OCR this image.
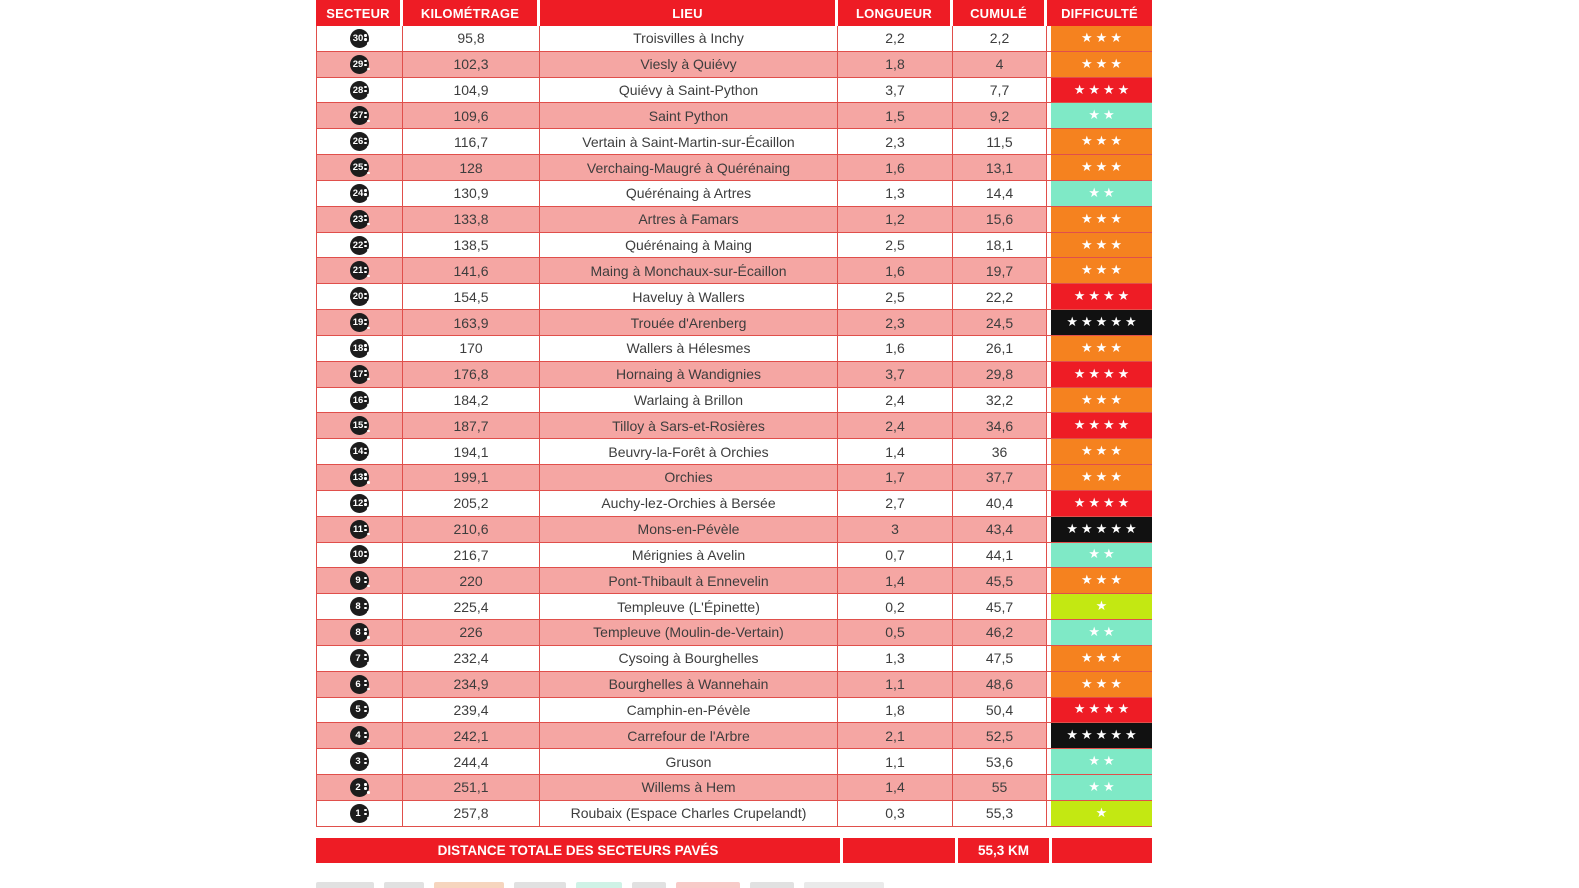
SECTEUR	KILOMÉTRAGE	LIEU	LONGUEUR	CUMULÉ	DIFFICULTÉ
30	95,8	Troisvilles à Inchy	2,2	2,2	★★★
29	102,3	Viesly à Quiévy	1,8	4	★★★
28	104,9	Quiévy à Saint-Python	3,7	7,7	★★★★
27	109,6	Saint Python	1,5	9,2	★★
26	116,7	Vertain à Saint-Martin-sur-Écaillon	2,3	11,5	★★★
25	128	Verchaing-Maugré à Quérénaing	1,6	13,1	★★★
24	130,9	Quérénaing à Artres	1,3	14,4	★★
23	133,8	Artres à Famars	1,2	15,6	★★★
22	138,5	Quérénaing à Maing	2,5	18,1	★★★
21	141,6	Maing à Monchaux-sur-Écaillon	1,6	19,7	★★★
20	154,5	Haveluy à Wallers	2,5	22,2	★★★★
19	163,9	Trouée d'Arenberg	2,3	24,5	★★★★★
18	170	Wallers à Hélesmes	1,6	26,1	★★★
17	176,8	Hornaing à Wandignies	3,7	29,8	★★★★
16	184,2	Warlaing à Brillon	2,4	32,2	★★★
15	187,7	Tilloy à Sars-et-Rosières	2,4	34,6	★★★★
14	194,1	Beuvry-la-Forêt à Orchies	1,4	36	★★★
13	199,1	Orchies	1,7	37,7	★★★
12	205,2	Auchy-lez-Orchies à Bersée	2,7	40,4	★★★★
11	210,6	Mons-en-Pévèle	3	43,4	★★★★★
10	216,7	Mérignies à Avelin	0,7	44,1	★★
9	220	Pont-Thibault à Ennevelin	1,4	45,5	★★★
8	225,4	Templeuve (L'Épinette)	0,2	45,7	★
8	226	Templeuve (Moulin-de-Vertain)	0,5	46,2	★★
7	232,4	Cysoing à Bourghelles	1,3	47,5	★★★
6	234,9	Bourghelles à Wannehain	1,1	48,6	★★★
5	239,4	Camphin-en-Pévèle	1,8	50,4	★★★★
4	242,1	Carrefour de l'Arbre	2,1	52,5	★★★★★
3	244,4	Gruson	1,1	53,6	★★
2	251,1	Willems à Hem	1,4	55	★★
1	257,8	Roubaix (Espace Charles Crupelandt)	0,3	55,3	★
DISTANCE TOTALE DES SECTEURS PAVÉS	55,3 KM
